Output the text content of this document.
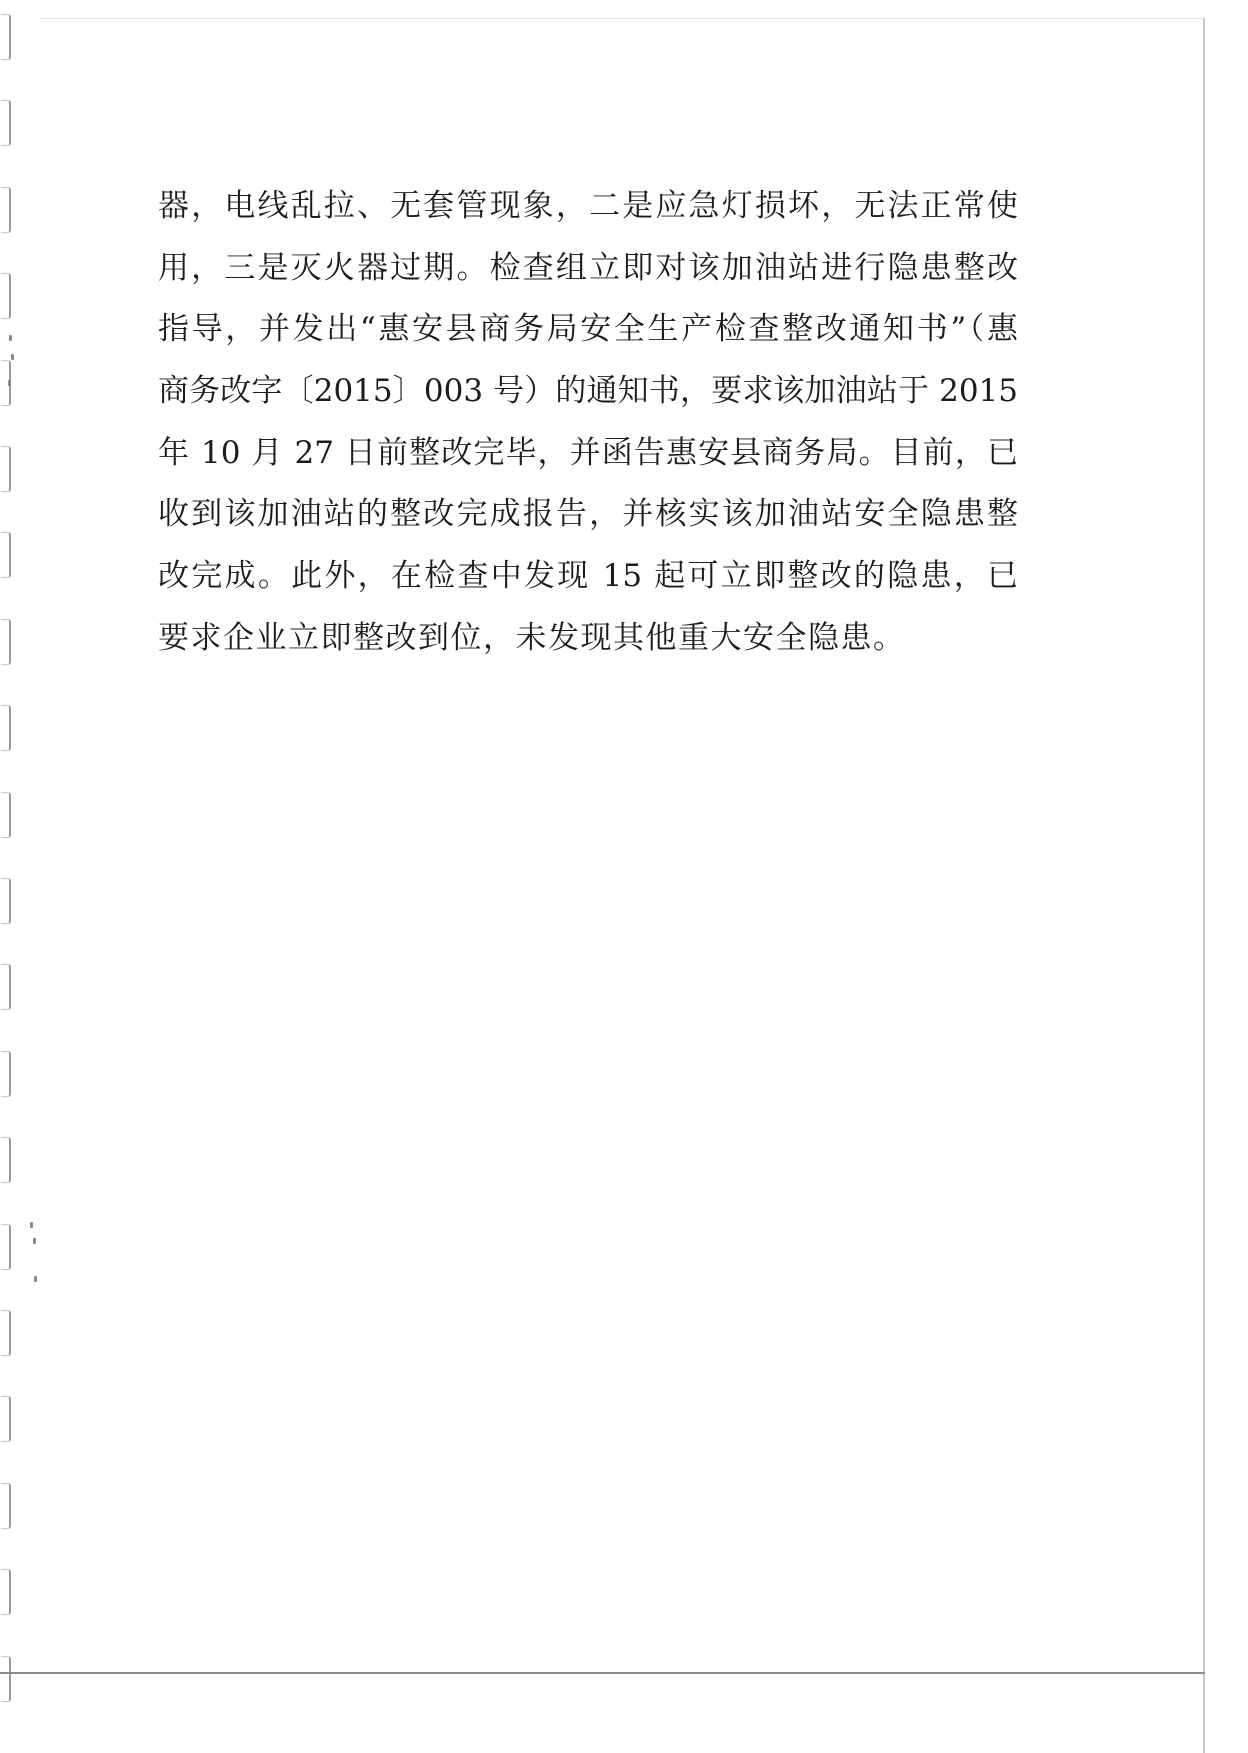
器，电线乱拉、无套管现象，二是应急灯损坏，无法正常使
用，三是灭火器过期。检查组立即对该加油站进行隐患整改
指导，并发出“惠安县商务局安全生产检查整改通知书”（惠
商务改字〔2015〕003 号）的通知书，要求该加油站于 2015
年 10 月 27 日前整改完毕，并函告惠安县商务局。目前，已
收到该加油站的整改完成报告，并核实该加油站安全隐患整
改完成。此外，在检查中发现 15 起可立即整改的隐患，已
要求企业立即整改到位，未发现其他重大安全隐患。
